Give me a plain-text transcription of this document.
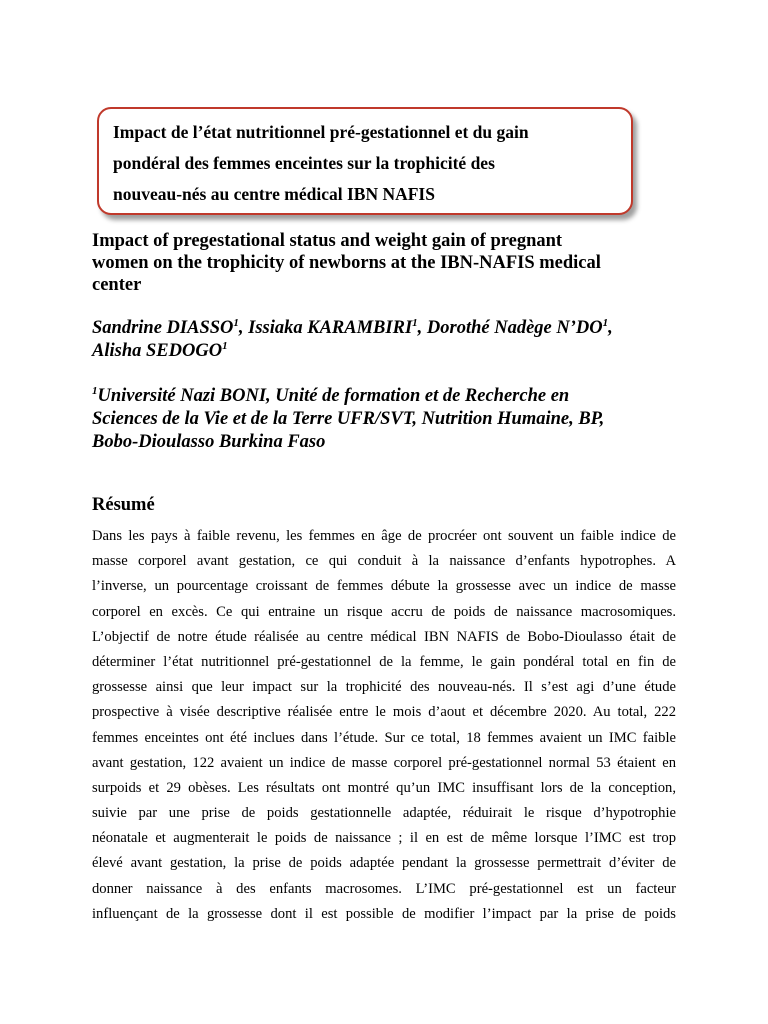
Impact de l’état nutritionnel pré-gestationnel et du gain
pondéral des femmes enceintes sur la trophicité des
nouveau-nés au centre médical IBN NAFIS
Impact of pregestational status and weight gain of pregnant
women on the trophicity of newborns at the IBN-NAFIS medical
center
Sandrine DIASSO$^1$, Issiaka KARAMBIRI$^1$, Dorothé Nadège $N’DO^1$,
Alisha SEDOGO$^1$
$^1$Université Nazi BONI, Unité de formation et de Recherche en
Sciences de la Vie et de la Terre UFR/SVT, Nutrition Humaine, BP,
Bobo-Dioulasso Burkina Faso
Résumé
Dans les pays à faible revenu, les femmes en âge de procréer ont souvent un faible indice de
masse corporel avant gestation, ce qui conduit à la naissance d’enfants hypotrophes. A
l’inverse, un pourcentage croissant de femmes débute la grossesse avec un indice de masse
corporel en excès. Ce qui entraine un risque accru de poids de naissance macrosomiques.
L’objectif de notre étude réalisée au centre médical IBN NAFIS de Bobo-Dioulasso était de
déterminer l’état nutritionnel pré-gestationnel de la femme, le gain pondéral total en fin de
grossesse ainsi que leur impact sur la trophicité des nouveau-nés. Il s’est agi d’une étude
prospective à visée descriptive réalisée entre le mois d’aout et décembre 2020. Au total, 222
femmes enceintes ont été inclues dans l’étude. Sur ce total, 18 femmes avaient un IMC faible
avant gestation, 122 avaient un indice de masse corporel pré-gestationnel normal 53 étaient en
surpoids et 29 obèses. Les résultats ont montré qu’un IMC insuffisant lors de la conception,
suivie par une prise de poids gestationnelle adaptée, réduirait le risque d’hypotrophie
néonatale et augmenterait le poids de naissance ; il en est de même lorsque l’IMC est trop
élevé avant gestation, la prise de poids adaptée pendant la grossesse permettrait d’éviter de
donner naissance à des enfants macrosomes. L’IMC pré-gestationnel est un facteur
influençant de la grossesse dont il est possible de modifier l’impact par la prise de poids
